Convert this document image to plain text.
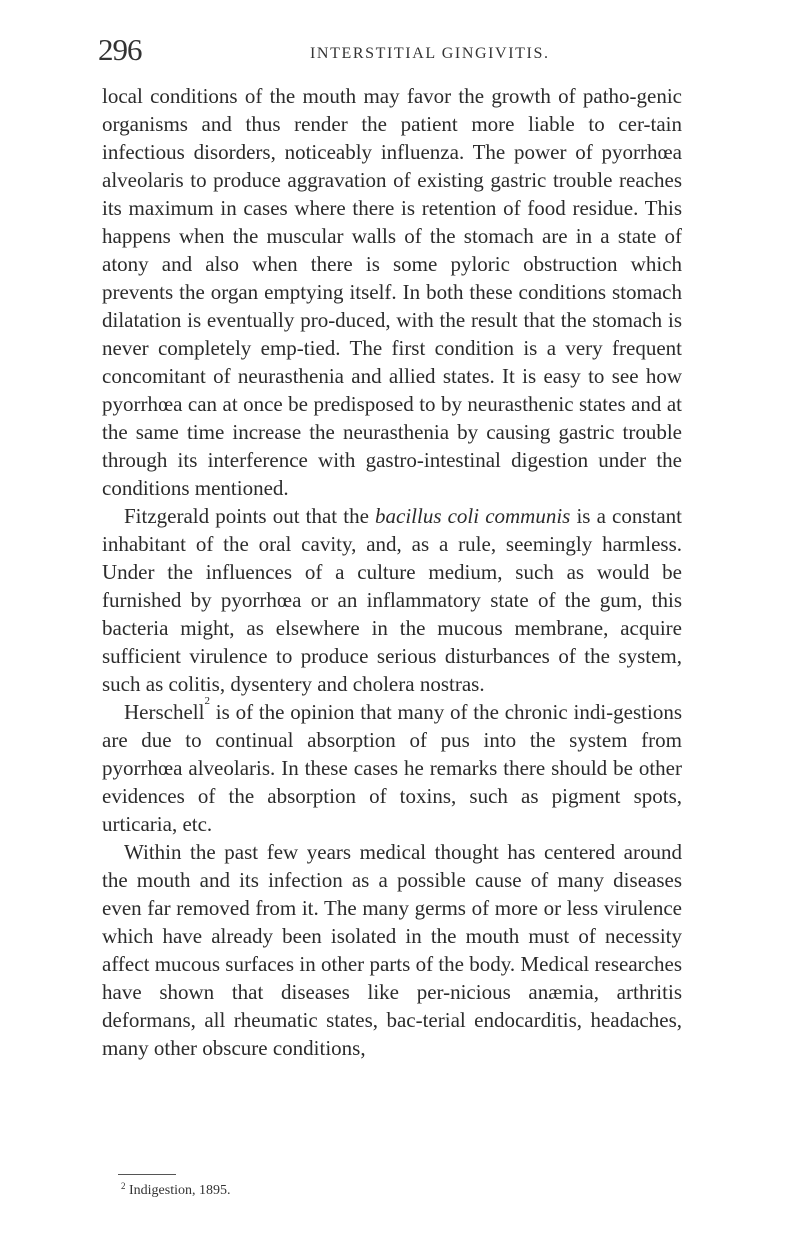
296	INTERSTITIAL GINGIVITIS.

local conditions of the mouth may favor the growth of patho-genic organisms and thus render the patient more liable to cer-tain infectious disorders, noticeably influenza. The power of pyorrhœa alveolaris to produce aggravation of existing gastric trouble reaches its maximum in cases where there is retention of food residue. This happens when the muscular walls of the stomach are in a state of atony and also when there is some pyloric obstruction which prevents the organ emptying itself. In both these conditions stomach dilatation is eventually pro-duced, with the result that the stomach is never completely emp-tied. The first condition is a very frequent concomitant of neurasthenia and allied states. It is easy to see how pyorrhœa can at once be predisposed to by neurasthenic states and at the same time increase the neurasthenia by causing gastric trouble through its interference with gastro-intestinal digestion under the conditions mentioned.

Fitzgerald points out that the bacillus coli communis is a constant inhabitant of the oral cavity, and, as a rule, seemingly harmless. Under the influences of a culture medium, such as would be furnished by pyorrhœa or an inflammatory state of the gum, this bacteria might, as elsewhere in the mucous membrane, acquire sufficient virulence to produce serious disturbances of the system, such as colitis, dysentery and cholera nostras.

Herschell$^2$ is of the opinion that many of the chronic indi-gestions are due to continual absorption of pus into the system from pyorrhœa alveolaris. In these cases he remarks there should be other evidences of the absorption of toxins, such as pigment spots, urticaria, etc.

Within the past few years medical thought has centered around the mouth and its infection as a possible cause of many diseases even far removed from it. The many germs of more or less virulence which have already been isolated in the mouth must of necessity affect mucous surfaces in other parts of the body. Medical researches have shown that diseases like per-nicious anæmia, arthritis deformans, all rheumatic states, bac-terial endocarditis, headaches, many other obscure conditions,

$^2$ Indigestion, 1895.
